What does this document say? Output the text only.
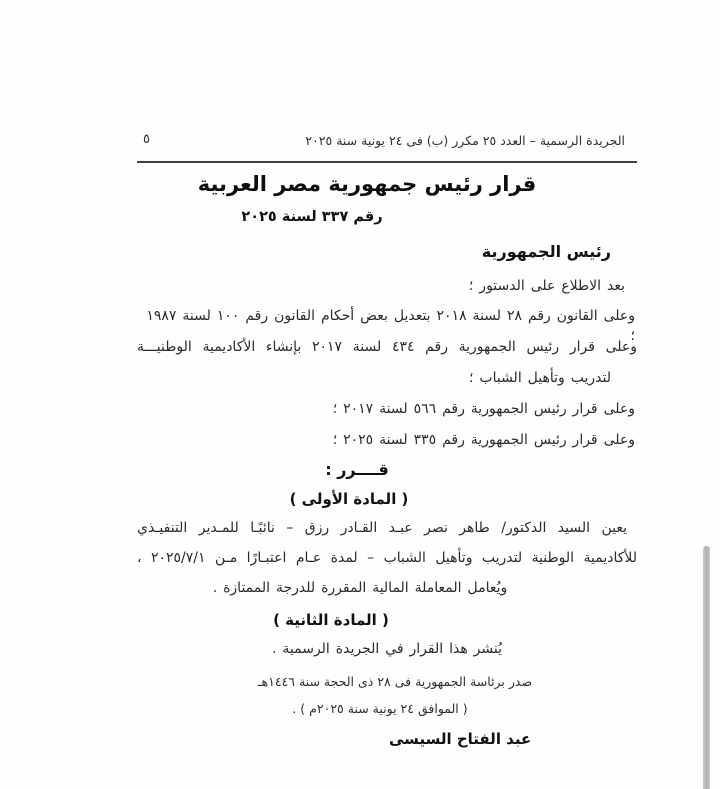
الجريدة الرسمية – العدد ٢٥ مكرر (ب) فى ٢٤ يونية سنة ٢٠٢٥
٥
قرار رئيس جمهورية مصر العربية
رقم ٣٣٧ لسنة ٢٠٢٥
رئيس الجمهورية
بعد الاطلاع على الدستور ؛
وعلى القانون رقم ٢٨ لسنة ٢٠١٨ بتعديل بعض أحكام القانون رقم ١٠٠ لسنة ١٩٨٧ ؛
وعلى قرار رئيس الجمهورية رقم ٤٣٤ لسنة ٢٠١٧ بإنشاء الأكاديمية الوطنيـــة
لتدريب وتأهيل الشباب ؛
وعلى قرار رئيس الجمهورية رقم ٥٦٦ لسنة ٢٠١٧ ؛
وعلى قرار رئيس الجمهورية رقم ٣٣٥ لسنة ٢٠٢٥ ؛
قــــرر :
( المادة الأولى )
يعين السيد الدكتور/ طاهر نصر عبـد القـادر رزق – نائبًـا للمـدير التنفيـذي
للأكاديمية الوطنية لتدريب وتأهيل الشباب – لمدة عـام اعتبـارًا مـن ٢٠٢٥/٧/١ ،
ويُعامل المعاملة المالية المقررة للدرجة الممتازة .
( المادة الثانية )
يُنشر هذا القرار في الجريدة الرسمية .
صدر برئاسة الجمهورية فى ٢٨ ذى الحجة سنة ١٤٤٦هـ
( الموافق ٢٤ يونية سنة ٢٠٢٥م ) .
عبد الفتاح السيسى
